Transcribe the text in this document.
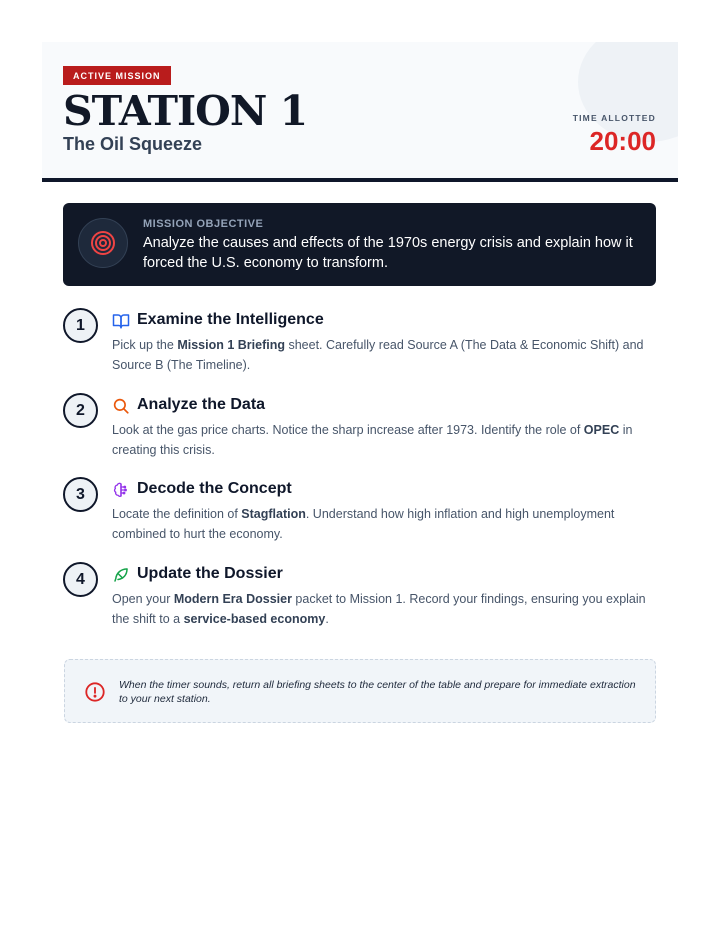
ACTIVE MISSION
STATION 1
The Oil Squeeze
TIME ALLOTTED
20:00
MISSION OBJECTIVE
Analyze the causes and effects of the 1970s energy crisis and explain how it forced the U.S. economy to transform.
1	Examine the Intelligence
Pick up the Mission 1 Briefing sheet. Carefully read Source A (The Data & Economic Shift) and Source B (The Timeline).
2	Analyze the Data
Look at the gas price charts. Notice the sharp increase after 1973. Identify the role of OPEC in creating this crisis.
3	Decode the Concept
Locate the definition of Stagflation. Understand how high inflation and high unemployment combined to hurt the economy.
4	Update the Dossier
Open your Modern Era Dossier packet to Mission 1. Record your findings, ensuring you explain the shift to a service-based economy.
When the timer sounds, return all briefing sheets to the center of the table and prepare for immediate extraction to your next station.
